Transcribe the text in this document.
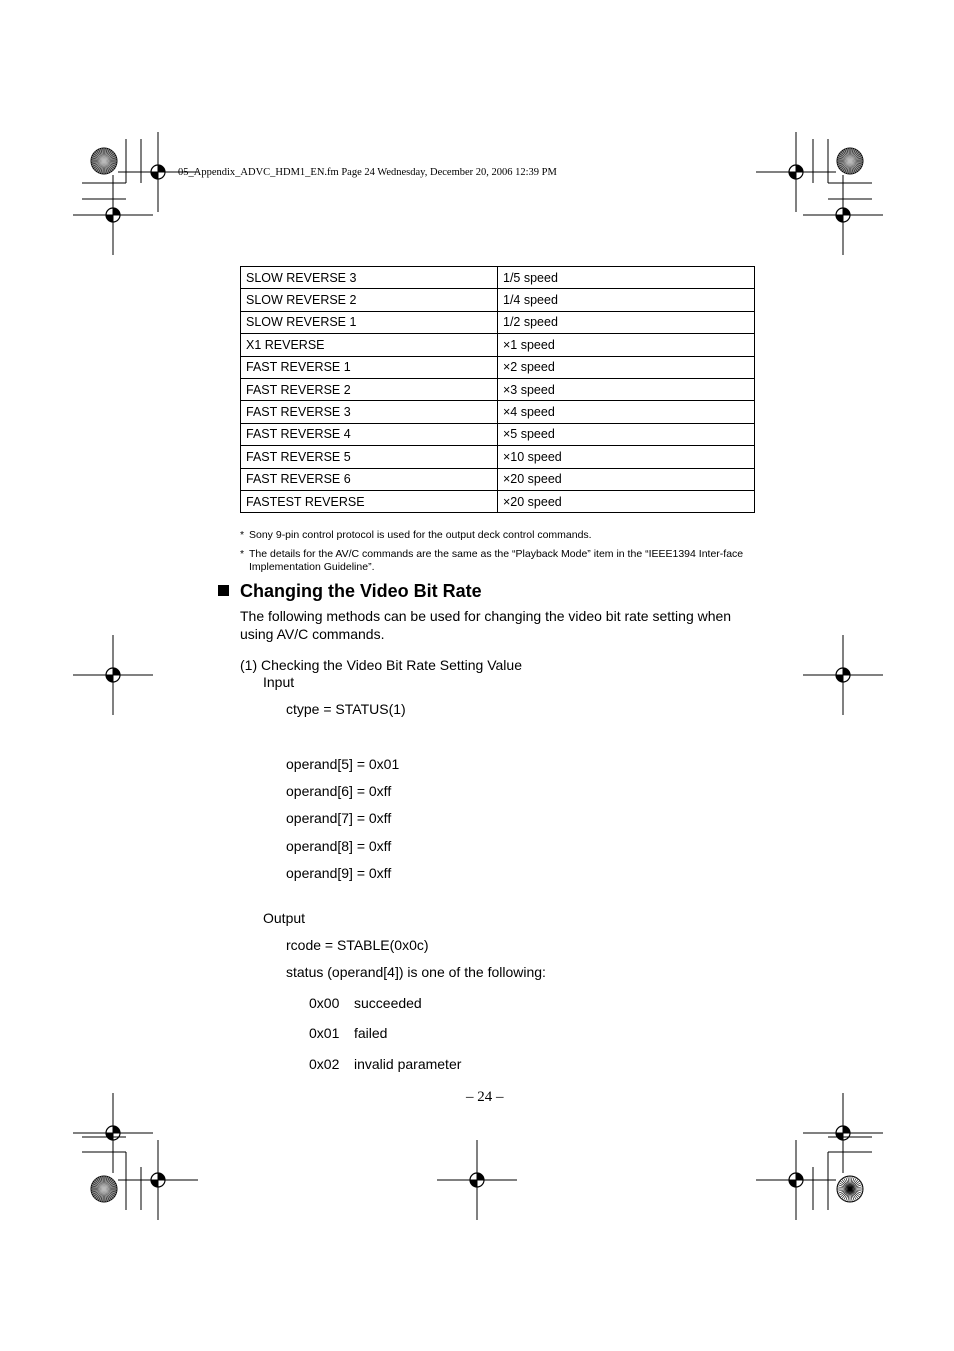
05_Appendix_ADVC_HDM1_EN.fm Page 24 Wednesday, December 20, 2006 12:39 PM
SLOW REVERSE 3	1/5 speed
SLOW REVERSE 2	1/4 speed
SLOW REVERSE 1	1/2 speed
X1 REVERSE	×1 speed
FAST REVERSE 1	×2 speed
FAST REVERSE 2	×3 speed
FAST REVERSE 3	×4 speed
FAST REVERSE 4	×5 speed
FAST REVERSE 5	×10 speed
FAST REVERSE 6	×20 speed
FASTEST REVERSE	×20 speed
* Sony 9-pin control protocol is used for the output deck control commands.
* The details for the AV/C commands are the same as the “Playback Mode” item in the “IEEE1394 Inter-face Implementation Guideline”.
Changing the Video Bit Rate
The following methods can be used for changing the video bit rate setting when using AV/C commands.
(1) Checking the Video Bit Rate Setting Value
Input
ctype = STATUS(1)
operand[5] = 0x01
operand[6] = 0xff
operand[7] = 0xff
operand[8] = 0xff
operand[9] = 0xff
Output
rcode = STABLE(0x0c)
status (operand[4]) is one of the following:
0x00 succeeded
0x01 failed
0x02 invalid parameter
– 24 –
